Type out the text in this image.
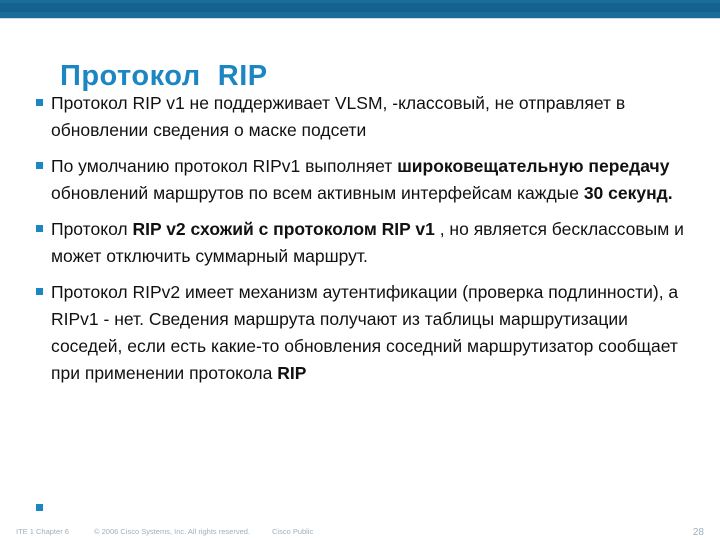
Протокол  RIP
Протокол RIP v1 не поддерживает VLSM, -классовый, не отправляет в обновлении сведения о маске подсети
По умолчанию протокол RIPv1 выполняет широковещательную передачу обновлений маршрутов по всем активным интерфейсам каждые 30 секунд.
Протокол RIP v2 схожий с протоколом RIP v1 , но является бесклассовым и может отключить суммарный маршрут.
Протокол RIPv2 имеет механизм аутентификации (проверка подлинности), а RIPv1 - нет. Сведения маршрута получают из таблицы маршрутизации соседей, если есть какие-то обновления соседний маршрутизатор сообщает при применении протокола RIP
ITE 1 Chapter 6	© 2006 Cisco Systems, Inc. All rights reserved.	Cisco Public	28
